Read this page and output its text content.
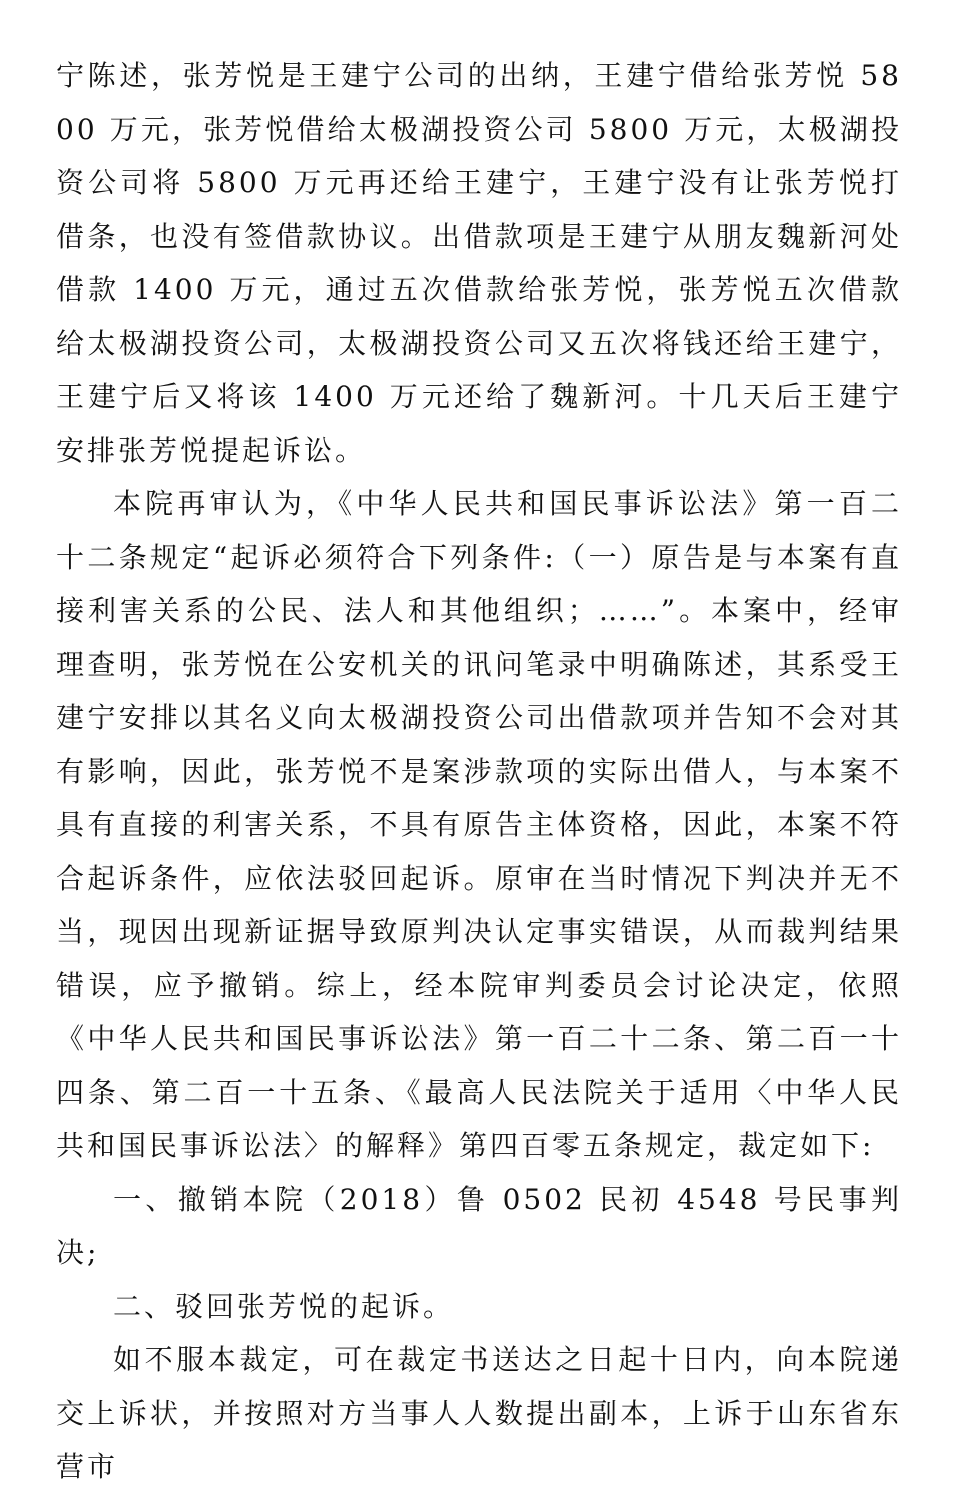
宁陈述，张芳悦是王建宁公司的出纳，王建宁借给张芳悦 5800 万元，张芳悦借给太极湖投资公司 5800 万元，太极湖投资公司将 5800 万元再还给王建宁，王建宁没有让张芳悦打借条，也没有签借款协议。出借款项是王建宁从朋友魏新河处借款 1400 万元，通过五次借款给张芳悦，张芳悦五次借款给太极湖投资公司，太极湖投资公司又五次将钱还给王建宁，王建宁后又将该 1400 万元还给了魏新河。十几天后王建宁安排张芳悦提起诉讼。

本院再审认为，《中华人民共和国民事诉讼法》第一百二十二条规定“起诉必须符合下列条件:（一）原告是与本案有直接利害关系的公民、法人和其他组织；……”。本案中，经审理查明，张芳悦在公安机关的讯问笔录中明确陈述，其系受王建宁安排以其名义向太极湖投资公司出借款项并告知不会对其有影响，因此，张芳悦不是案涉款项的实际出借人，与本案不具有直接的利害关系，不具有原告主体资格，因此，本案不符合起诉条件，应依法驳回起诉。原审在当时情况下判决并无不当，现因出现新证据导致原判决认定事实错误，从而裁判结果错误，应予撤销。综上，经本院审判委员会讨论决定，依照《中华人民共和国民事诉讼法》第一百二十二条、第二百一十四条、第二百一十五条、《最高人民法院关于适用〈中华人民共和国民事诉讼法〉的解释》第四百零五条规定，裁定如下:

一、撤销本院（2018）鲁 0502 民初 4548 号民事判决;

二、驳回张芳悦的起诉。

如不服本裁定，可在裁定书送达之日起十日内，向本院递交上诉状，并按照对方当事人人数提出副本，上诉于山东省东营市
